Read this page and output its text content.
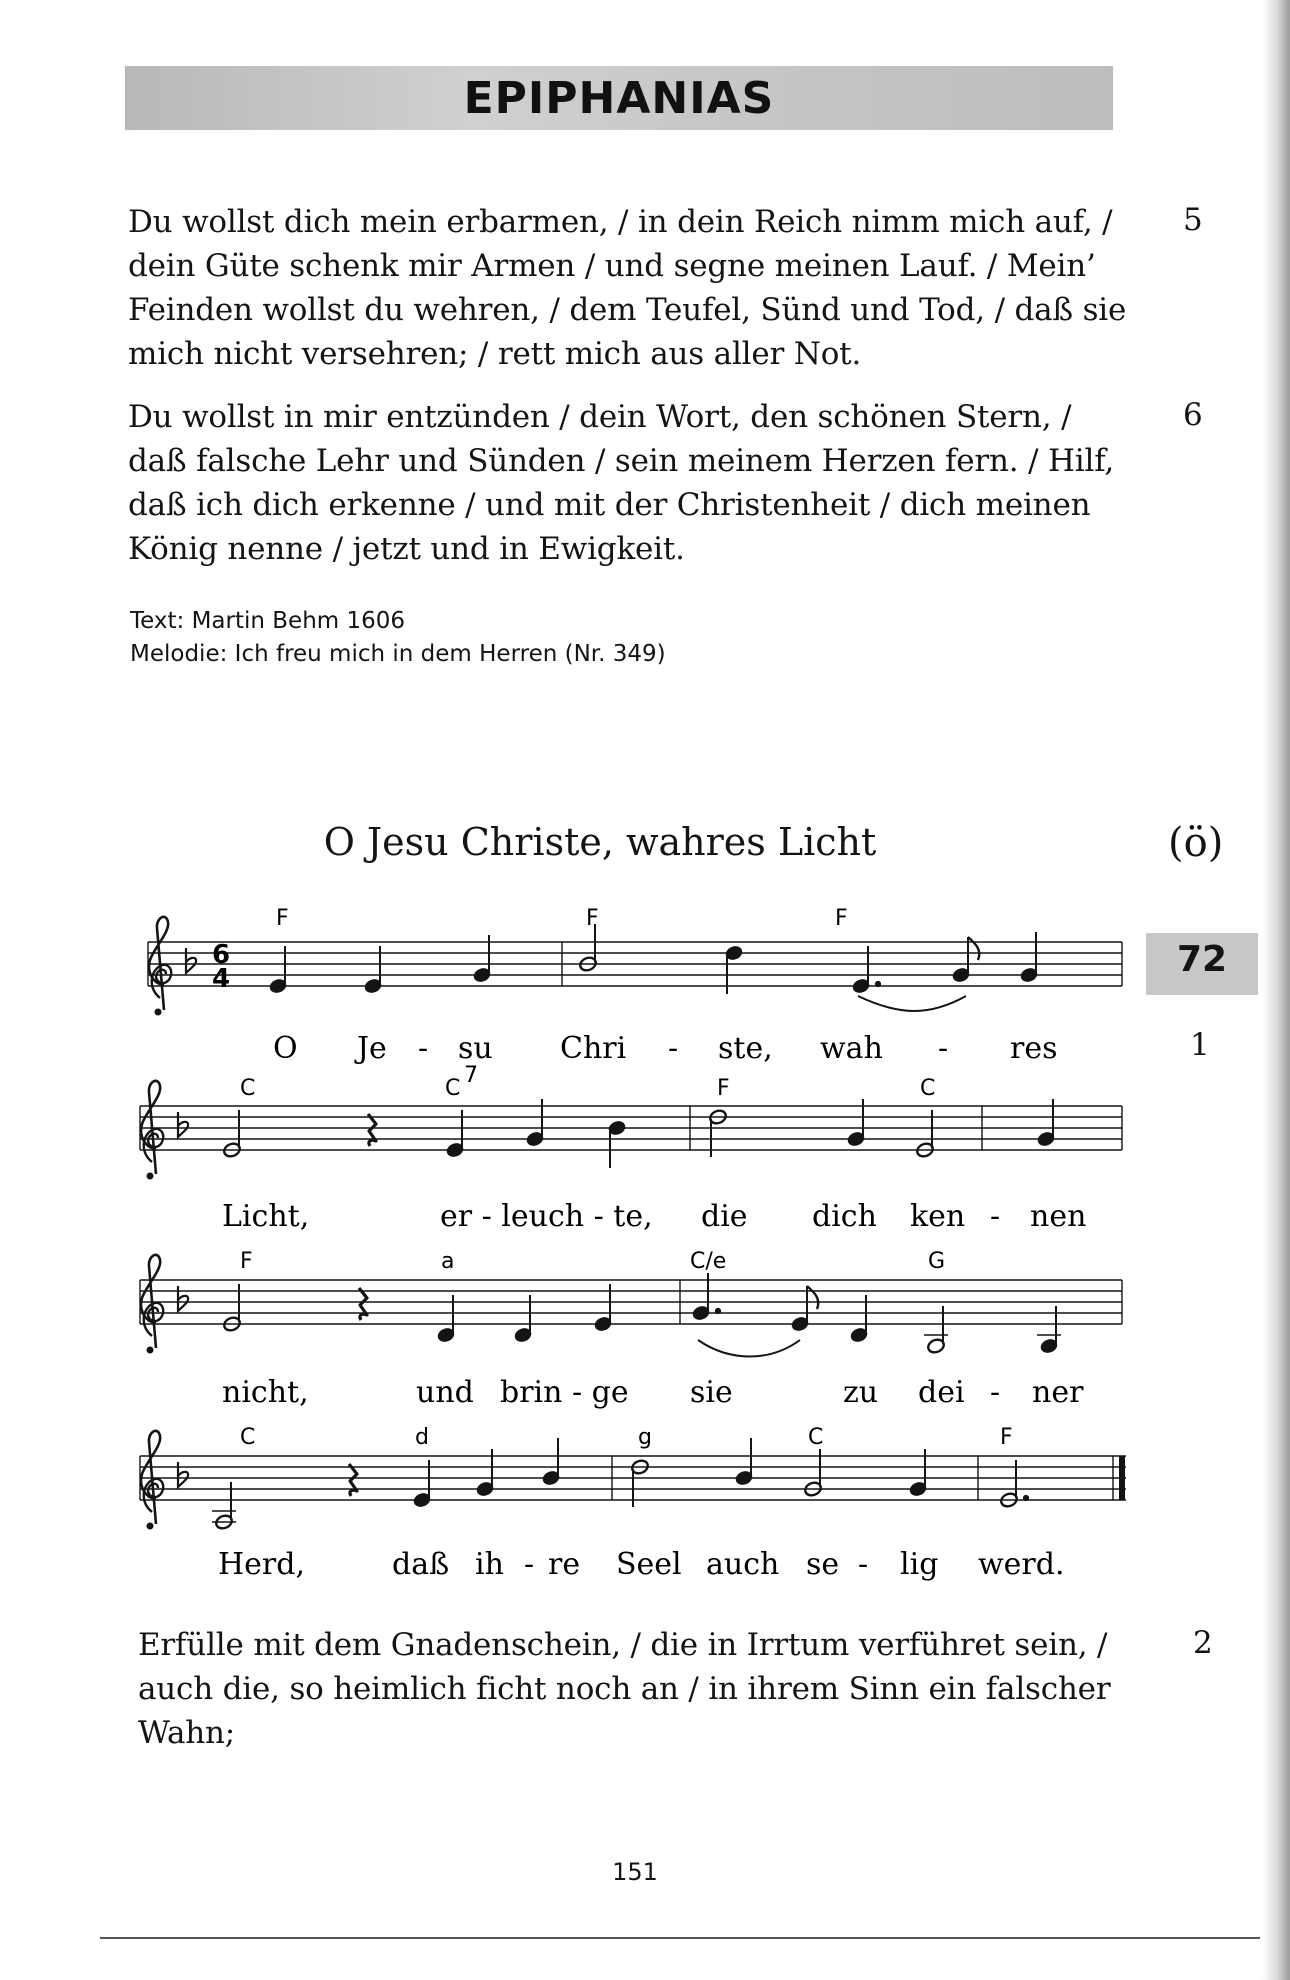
EPIPHANIAS
Du wollst dich mein erbarmen, / in dein Reich nimm mich auf, /
dein Güte schenk mir Armen / und segne meinen Lauf. / Mein’
Feinden wollst du wehren, / dem Teufel, Sünd und Tod, / daß sie
mich nicht versehren; / rett mich aus aller Not.
5
Du wollst in mir entzünden / dein Wort, den schönen Stern, /
daß falsche Lehr und Sünden / sein meinem Herzen fern. / Hilf,
daß ich dich erkenne / und mit der Christenheit / dich meinen
König nenne / jetzt und in Ewigkeit.
6
Text: Martin Behm 1606
Melodie: Ich freu mich in dem Herren (Nr. 349)
O Jesu Christe, wahres Licht	(ö)
72
1
6
4
F	F	F
O Je - su Chri - ste, wah - res
C	C
7
F	C
Licht,	er - leuch - te, die dich ken - nen
F	a	C/e	G
nicht,	und brin - ge sie	zu dei - ner
C	d	g	C	F
Herd,	daß ih - re Seel auch se - lig werd.
Erfülle mit dem Gnadenschein, / die in Irrtum verführet sein, /
auch die, so heimlich ficht noch an / in ihrem Sinn ein falscher
Wahn;
2
151
